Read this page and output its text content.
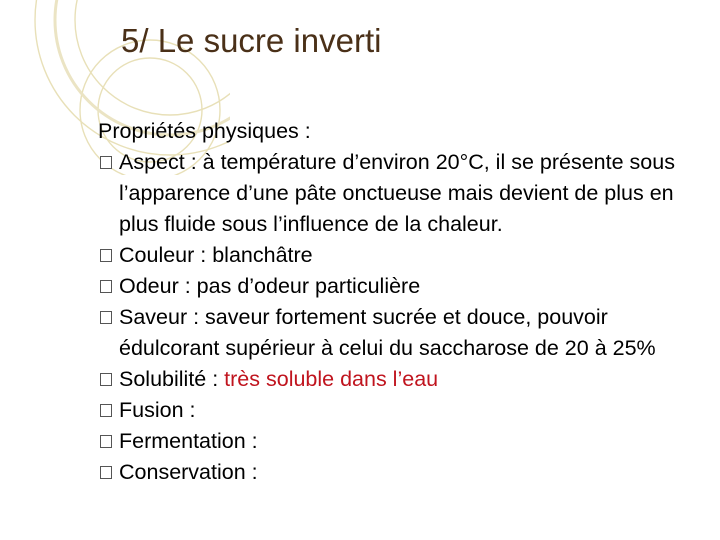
5/ Le sucre inverti

Propriétés physiques :

Aspect : à température d’environ 20°C, il se présente sous l’apparence d’une pâte onctueuse mais devient de plus en plus fluide sous l’influence de la chaleur.
Couleur : blanchâtre
Odeur : pas d’odeur particulière
Saveur : saveur fortement sucrée et douce, pouvoir édulcorant supérieur à celui du saccharose de 20 à 25%
Solubilité : très soluble dans l’eau
Fusion :
Fermentation :
Conservation :
